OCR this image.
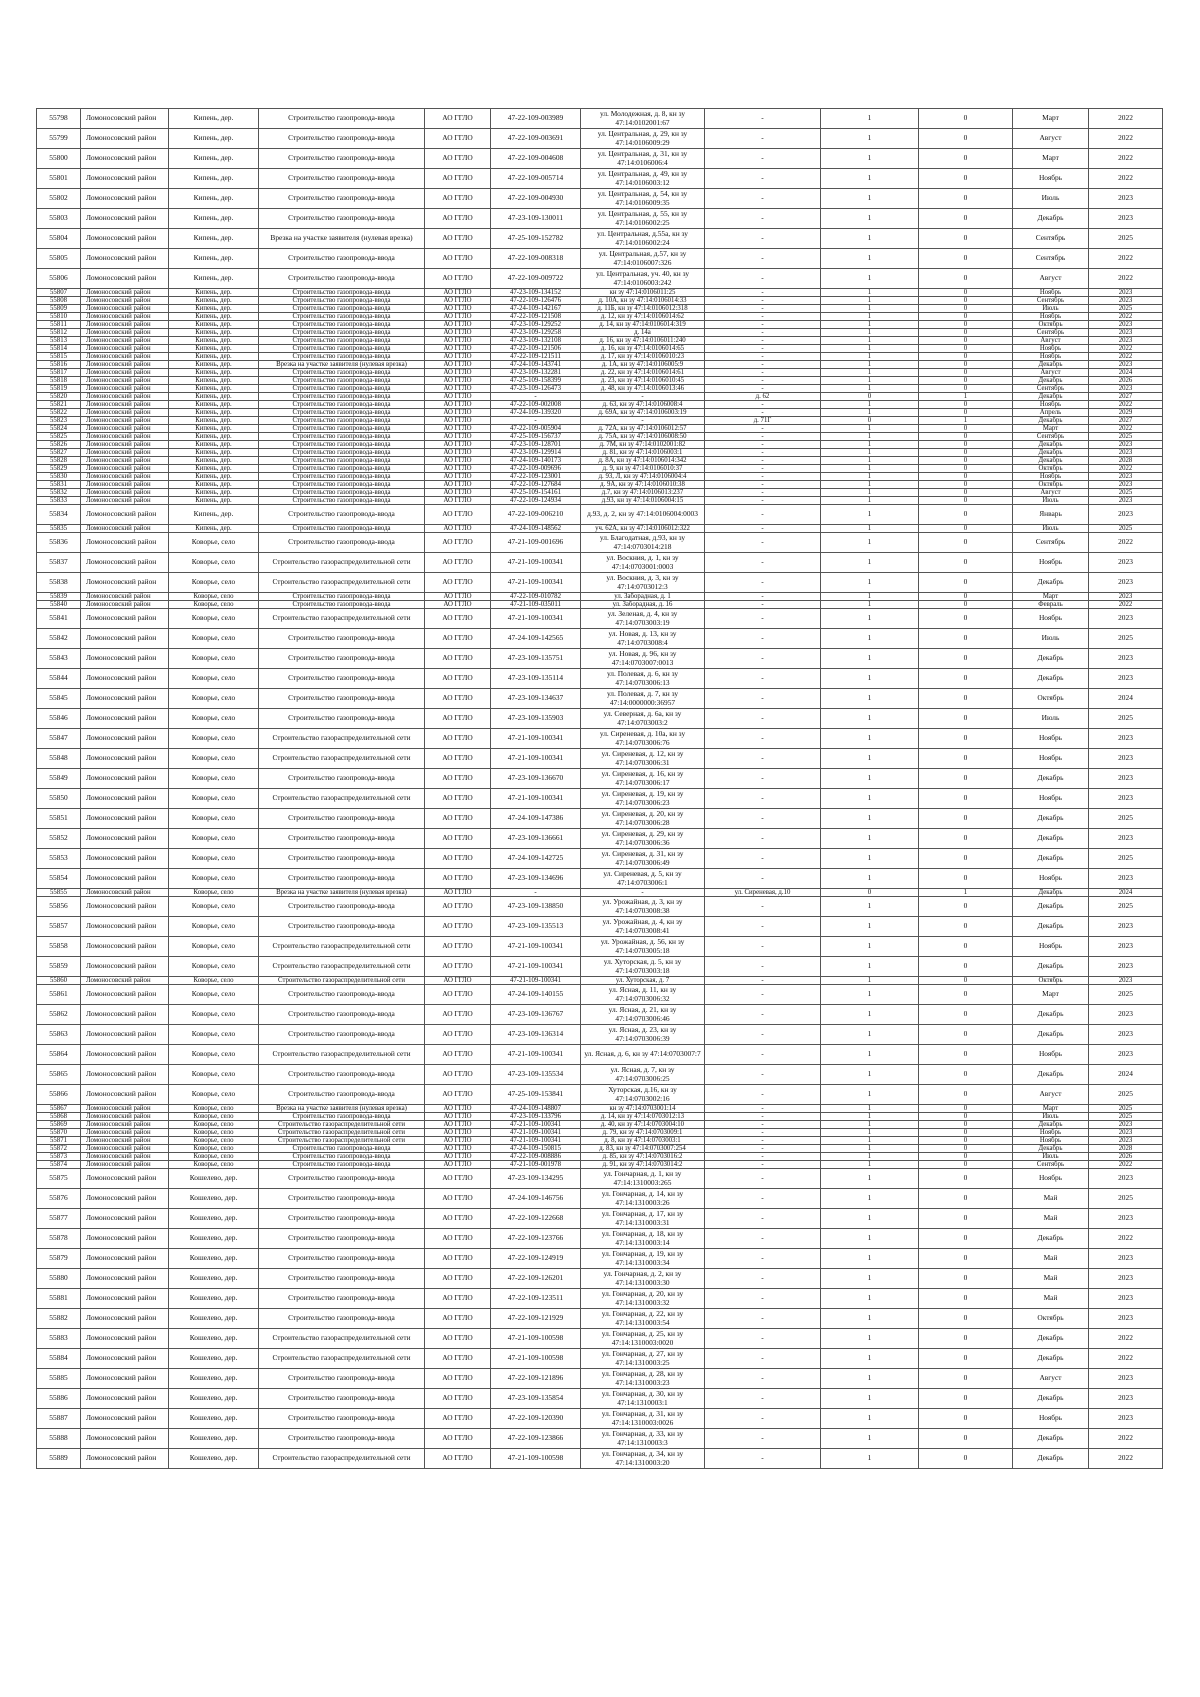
55798	Ломоносовский район	Кипень, дер.	Строительство газопровода-ввода	АО ГГЛО	47-22-109-003989	ул. Молодежная, д. 8, кн зу 47:14:0102001:67	-	1	0	Март	2022
55799	Ломоносовский район	Кипень, дер.	Строительство газопровода-ввода	АО ГГЛО	47-22-109-003691	ул. Центральная, д. 29, кн зу 47:14:0106009:29	-	1	0	Август	2022
55800	Ломоносовский район	Кипень, дер.	Строительство газопровода-ввода	АО ГГЛО	47-22-109-004608	ул. Центральная, д. 31, кн зу 47:14:0106006:4	-	1	0	Март	2022
55801	Ломоносовский район	Кипень, дер.	Строительство газопровода-ввода	АО ГГЛО	47-22-109-005714	ул. Центральная, д. 49, кн зу 47:14:0106003:12	-	1	0	Ноябрь	2022
55802	Ломоносовский район	Кипень, дер.	Строительство газопровода-ввода	АО ГГЛО	47-22-109-004930	ул. Центральная, д. 54, кн зу 47:14:0106009:35	-	1	0	Июль	2023
55803	Ломоносовский район	Кипень, дер.	Строительство газопровода-ввода	АО ГГЛО	47-23-109-130011	ул. Центральная, д. 55, кн зу 47:14:0106002:25	-	1	0	Декабрь	2023
55804	Ломоносовский район	Кипень, дер.	Врезка на участке заявителя (нулевая врезка)	АО ГГЛО	47-25-109-152782	ул. Центральная, д.55а, кн зу 47:14:0106002:24	-	1	0	Сентябрь	2025
55805	Ломоносовский район	Кипень, дер.	Строительство газопровода-ввода	АО ГГЛО	47-22-109-008318	ул. Центральная, д.57, кн зу 47:14:0106007:326	-	1	0	Сентябрь	2022
55806	Ломоносовский район	Кипень, дер.	Строительство газопровода-ввода	АО ГГЛО	47-22-109-009722	ул. Центральная, уч. 40, кн зу 47:14:0106003:242	-	1	0	Август	2022
55807	Ломоносовский район	Кипень, дер.	Строительство газопровода-ввода	АО ГГЛО	47-23-109-134152	кн зу 47:14:0106011:25	-	1	0	Ноябрь	2023
55808	Ломоносовский район	Кипень, дер.	Строительство газопровода-ввода	АО ГГЛО	47-22-109-126476	д. 10А, кн зу 47:14:0106014:33	-	1	0	Сентябрь	2023
55809	Ломоносовский район	Кипень, дер.	Строительство газопровода-ввода	АО ГГЛО	47-24-109-142167	д. 11Б, кн зу 47:14:0106012:318	-	1	0	Июль	2025
55810	Ломоносовский район	Кипень, дер.	Строительство газопровода-ввода	АО ГГЛО	47-22-109-121508	д. 12, кн зу 47:14:0106014:62	-	1	0	Ноябрь	2022
55811	Ломоносовский район	Кипень, дер.	Строительство газопровода-ввода	АО ГГЛО	47-23-109-129252	д. 14, кн зу 47:14:0106014:319	-	1	0	Октябрь	2023
55812	Ломоносовский район	Кипень, дер.	Строительство газопровода-ввода	АО ГГЛО	47-23-109-129258	д. 14а	-	1	0	Сентябрь	2023
55813	Ломоносовский район	Кипень, дер.	Строительство газопровода-ввода	АО ГГЛО	47-23-109-132108	д. 16, кн зу 47:14:0106011:240	-	1	0	Август	2023
55814	Ломоносовский район	Кипень, дер.	Строительство газопровода-ввода	АО ГГЛО	47-22-109-121506	д. 16, кн зу 47:14:0106014:65	-	1	0	Ноябрь	2022
55815	Ломоносовский район	Кипень, дер.	Строительство газопровода-ввода	АО ГГЛО	47-22-109-121511	д. 17, кн зу 47:14:0106010:23	-	1	0	Ноябрь	2022
55816	Ломоносовский район	Кипень, дер.	Врезка на участке заявителя (нулевая врезка)	АО ГГЛО	47-24-109-143741	д. 1А, кн зу 47:14:0106005:9	-	1	0	Декабрь	2023
55817	Ломоносовский район	Кипень, дер.	Строительство газопровода-ввода	АО ГГЛО	47-23-109-132281	д. 22, кн зу 47:14:0106014:61	-	1	0	Август	2024
55818	Ломоносовский район	Кипень, дер.	Строительство газопровода-ввода	АО ГГЛО	47-25-109-158399	д. 23, кн зу 47:14:0106010:45	-	1	0	Декабрь	2026
55819	Ломоносовский район	Кипень, дер.	Строительство газопровода-ввода	АО ГГЛО	47-23-109-126473	д. 48, кн зу 47:14:0106013:46	-	1	0	Сентябрь	2023
55820	Ломоносовский район	Кипень, дер.	Строительство газопровода-ввода	АО ГГЛО	-	-	д. 62	0	1	Декабрь	2027
55821	Ломоносовский район	Кипень, дер.	Строительство газопровода-ввода	АО ГГЛО	47-22-109-002008	д. 63, кн зу 47:14:0106008:4	-	1	0	Ноябрь	2022
55822	Ломоносовский район	Кипень, дер.	Строительство газопровода-ввода	АО ГГЛО	47-24-109-139320	д. 69А, кн зу 47:14:0106003:19	-	1	0	Апрель	2029
55823	Ломоносовский район	Кипень, дер.	Строительство газопровода-ввода	АО ГГЛО	-	-	д. 71Г	0	1	Декабрь	2027
55824	Ломоносовский район	Кипень, дер.	Строительство газопровода-ввода	АО ГГЛО	47-22-109-005904	д. 72А, кн зу 47:14:0106012:57	-	1	0	Март	2022
55825	Ломоносовский район	Кипень, дер.	Строительство газопровода-ввода	АО ГГЛО	47-25-109-156737	д. 75А, кн зу 47:14:0106008:50	-	1	0	Сентябрь	2025
55826	Ломоносовский район	Кипень, дер.	Строительство газопровода-ввода	АО ГГЛО	47-23-109-128701	д. 7М, кн зу 47:14:0102001:82	-	1	0	Декабрь	2023
55827	Ломоносовский район	Кипень, дер.	Строительство газопровода-ввода	АО ГГЛО	47-23-109-129914	д. 81, кн зу 47:14:0106003:1	-	1	0	Декабрь	2023
55828	Ломоносовский район	Кипень, дер.	Строительство газопровода-ввода	АО ГГЛО	47-24-109-140173	д. 8А, кн зу 47:14:0106014:342	-	1	0	Декабрь	2028
55829	Ломоносовский район	Кипень, дер.	Строительство газопровода-ввода	АО ГГЛО	47-22-109-009696	д. 9, кн зу 47:14:0106010:37	-	1	0	Октябрь	2022
55830	Ломоносовский район	Кипень, дер.	Строительство газопровода-ввода	АО ГГЛО	47-22-109-123001	д. 93, Л, кн зу 47:14:0106004:4	-	1	0	Ноябрь	2023
55831	Ломоносовский район	Кипень, дер.	Строительство газопровода-ввода	АО ГГЛО	47-22-109-127684	д. 9А, кн зу 47:14:0106010:38	-	1	0	Октябрь	2023
55832	Ломоносовский район	Кипень, дер.	Строительство газопровода-ввода	АО ГГЛО	47-25-109-154161	д.7, кн зу 47:14:0106013:237	-	1	0	Август	2025
55833	Ломоносовский район	Кипень, дер.	Строительство газопровода-ввода	АО ГГЛО	47-22-109-124934	д.93, кн зу 47:14:0106004:15	-	1	0	Июль	2023
55834	Ломоносовский район	Кипень, дер.	Строительство газопровода-ввода	АО ГГЛО	47-22-109-006210	д.93, д. 2, кн зу 47:14:0106004:0003	-	1	0	Январь	2023
55835	Ломоносовский район	Кипень, дер.	Строительство газопровода-ввода	АО ГГЛО	47-24-109-148562	уч. 62А, кн зу 47:14:0106012:322	-	1	0	Июль	2025
55836	Ломоносовский район	Коворье, село	Строительство газопровода-ввода	АО ГГЛО	47-21-109-001696	ул. Благодатная, д.93, кн зу 47:14:0703014:218	-	1	0	Сентябрь	2022
55837	Ломоносовский район	Коворье, село	Строительство газораспределительной сети	АО ГГЛО	47-21-109-100341	ул. Воскния, д. 1, кн зу 47:14:0703001:0003	-	1	0	Ноябрь	2023
55838	Ломоносовский район	Коворье, село	Строительство газораспределительной сети	АО ГГЛО	47-21-109-100341	ул. Воскния, д. 3, кн зу 47:14:0703012:3	-	1	0	Декабрь	2023
55839	Ломоносовский район	Коворье, село	Строительство газопровода-ввода	АО ГГЛО	47-22-109-010782	ул. Заборадная, д. 1	-	1	0	Март	2023
55840	Ломоносовский район	Коворье, село	Строительство газопровода-ввода	АО ГГЛО	47-21-109-035011	ул. Заборадная, д. 16	-	1	0	Февраль	2022
55841	Ломоносовский район	Коворье, село	Строительство газораспределительной сети	АО ГГЛО	47-21-109-100341	ул. Зеленая, д. 4, кн зу 47:14:0703003:19	-	1	0	Ноябрь	2023
55842	Ломоносовский район	Коворье, село	Строительство газопровода-ввода	АО ГГЛО	47-24-109-142565	ул. Новая, д. 13, кн зу 47:14:0703008:4	-	1	0	Июль	2025
55843	Ломоносовский район	Коворье, село	Строительство газопровода-ввода	АО ГГЛО	47-23-109-135751	ул. Новая, д. 96, кн зу 47:14:0703007:0013	-	1	0	Декабрь	2023
55844	Ломоносовский район	Коворье, село	Строительство газопровода-ввода	АО ГГЛО	47-23-109-135114	ул. Полевая, д. 6, кн зу 47:14:0703006:13	-	1	0	Декабрь	2023
55845	Ломоносовский район	Коворье, село	Строительство газопровода-ввода	АО ГГЛО	47-23-109-134637	ул. Полевая, д. 7, кн зу 47:14:0000000:36957	-	1	0	Октябрь	2024
55846	Ломоносовский район	Коворье, село	Строительство газопровода-ввода	АО ГГЛО	47-23-109-135903	ул. Северная, д. 6а, кн зу 47:14:0703003:2	-	1	0	Июль	2025
55847	Ломоносовский район	Коворье, село	Строительство газораспределительной сети	АО ГГЛО	47-21-109-100341	ул. Сиреневая, д. 10а, кн зу 47:14:0703006:76	-	1	0	Ноябрь	2023
55848	Ломоносовский район	Коворье, село	Строительство газораспределительной сети	АО ГГЛО	47-21-109-100341	ул. Сиреневая, д. 12, кн зу 47:14:0703006:31	-	1	0	Ноябрь	2023
55849	Ломоносовский район	Коворье, село	Строительство газопровода-ввода	АО ГГЛО	47-23-109-136670	ул. Сиреневая, д. 16, кн зу 47:14:0703006:17	-	1	0	Декабрь	2023
55850	Ломоносовский район	Коворье, село	Строительство газораспределительной сети	АО ГГЛО	47-21-109-100341	ул. Сиреневая, д. 19, кн зу 47:14:0703006:23	-	1	0	Ноябрь	2023
55851	Ломоносовский район	Коворье, село	Строительство газопровода-ввода	АО ГГЛО	47-24-109-147386	ул. Сиреневая, д. 20, кн зу 47:14:0703006:28	-	1	0	Декабрь	2025
55852	Ломоносовский район	Коворье, село	Строительство газопровода-ввода	АО ГГЛО	47-23-109-136661	ул. Сиреневая, д. 29, кн зу 47:14:0703006:36	-	1	0	Декабрь	2023
55853	Ломоносовский район	Коворье, село	Строительство газопровода-ввода	АО ГГЛО	47-24-109-142725	ул. Сиреневая, д. 31, кн зу 47:14:0703006:49	-	1	0	Декабрь	2025
55854	Ломоносовский район	Коворье, село	Строительство газопровода-ввода	АО ГГЛО	47-23-109-134696	ул. Сиреневая, д. 5, кн зу 47:14:0703006:1	-	1	0	Ноябрь	2023
55855	Ломоносовский район	Коворье, село	Врезка на участке заявителя (нулевая врезка)	АО ГГЛО	-	-	ул. Сиреневая, д.10	0	1	Декабрь	2024
55856	Ломоносовский район	Коворье, село	Строительство газопровода-ввода	АО ГГЛО	47-23-109-138850	ул. Урожайная, д. 3, кн зу 47:14:0703008:38	-	1	0	Декабрь	2025
55857	Ломоносовский район	Коворье, село	Строительство газопровода-ввода	АО ГГЛО	47-23-109-135513	ул. Урожайная, д. 4, кн зу 47:14:0703008:41	-	1	0	Декабрь	2023
55858	Ломоносовский район	Коворье, село	Строительство газораспределительной сети	АО ГГЛО	47-21-109-100341	ул. Урожайная, д. 56, кн зу 47:14:0703005:18	-	1	0	Ноябрь	2023
55859	Ломоносовский район	Коворье, село	Строительство газораспределительной сети	АО ГГЛО	47-21-109-100341	ул. Хуторская, д. 5, кн зу 47:14:0703003:18	-	1	0	Декабрь	2023
55860	Ломоносовский район	Коворье, село	Строительство газораспределительной сети	АО ГГЛО	47-21-109-100341	ул. Хуторская, д. 7	-	1	0	Октябрь	2023
55861	Ломоносовский район	Коворье, село	Строительство газопровода-ввода	АО ГГЛО	47-24-109-140155	ул. Ясная, д. 11, кн зу 47:14:0703006:32	-	1	0	Март	2025
55862	Ломоносовский район	Коворье, село	Строительство газопровода-ввода	АО ГГЛО	47-23-109-136767	ул. Ясная, д. 21, кн зу 47:14:0703006:46	-	1	0	Декабрь	2023
55863	Ломоносовский район	Коворье, село	Строительство газопровода-ввода	АО ГГЛО	47-23-109-136314	ул. Ясная, д. 23, кн зу 47:14:0703006:39	-	1	0	Декабрь	2023
55864	Ломоносовский район	Коворье, село	Строительство газораспределительной сети	АО ГГЛО	47-21-109-100341	ул. Ясная, д. 6, кн зу 47:14:0703007:7	-	1	0	Ноябрь	2023
55865	Ломоносовский район	Коворье, село	Строительство газопровода-ввода	АО ГГЛО	47-23-109-135534	ул. Ясная, д. 7, кн зу 47:14:0703006:25	-	1	0	Декабрь	2024
55866	Ломоносовский район	Коворье, село	Строительство газопровода-ввода	АО ГГЛО	47-25-109-153841	Хуторская, д.16, кн зу 47:14:0703002:16	-	1	0	Август	2025
55867	Ломоносовский район	Коворье, село	Врезка на участке заявителя (нулевая врезка)	АО ГГЛО	47-24-109-148807	кн зу 47:14:0703001:14	-	1	0	Март	2025
55868	Ломоносовский район	Коворье, село	Строительство газопровода-ввода	АО ГГЛО	47-23-109-133796	д. 14, кн зу 47:14:0703012:13	-	1	0	Июль	2025
55869	Ломоносовский район	Коворье, село	Строительство газораспределительной сети	АО ГГЛО	47-21-109-100341	д. 40, кн зу 47:14:0703004:10	-	1	0	Декабрь	2023
55870	Ломоносовский район	Коворье, село	Строительство газораспределительной сети	АО ГГЛО	47-21-109-100341	д. 79, кн зу 47:14:0703009:1	-	1	0	Ноябрь	2023
55871	Ломоносовский район	Коворье, село	Строительство газораспределительной сети	АО ГГЛО	47-21-109-100341	д. 8, кн зу 47:14:0703003:1	-	1	0	Ноябрь	2023
55872	Ломоносовский район	Коворье, село	Строительство газопровода-ввода	АО ГГЛО	47-24-109-150815	д. 83, кн зу 47:14:0703007:254	-	1	0	Декабрь	2028
55873	Ломоносовский район	Коворье, село	Строительство газопровода-ввода	АО ГГЛО	47-22-109-008886	д. 85, кн зу 47:14:0703016:2	-	1	0	Июль	2026
55874	Ломоносовский район	Коворье, село	Строительство газопровода-ввода	АО ГГЛО	47-21-109-001978	д. 91, кн зу 47:14:0703014:2	-	1	0	Сентябрь	2022
55875	Ломоносовский район	Кошелево, дер.	Строительство газопровода-ввода	АО ГГЛО	47-23-109-134295	ул. Гончарная, д. 1, кн зу 47:14:1310003:265	-	1	0	Ноябрь	2023
55876	Ломоносовский район	Кошелево, дер.	Строительство газопровода-ввода	АО ГГЛО	47-24-109-146756	ул. Гончарная, д. 14, кн зу 47:14:1310003:26	-	1	0	Май	2025
55877	Ломоносовский район	Кошелево, дер.	Строительство газопровода-ввода	АО ГГЛО	47-22-109-122668	ул. Гончарная, д. 17, кн зу 47:14:1310003:31	-	1	0	Май	2023
55878	Ломоносовский район	Кошелево, дер.	Строительство газопровода-ввода	АО ГГЛО	47-22-109-123766	ул. Гончарная, д. 18, кн зу 47:14:1310003:14	-	1	0	Декабрь	2022
55879	Ломоносовский район	Кошелево, дер.	Строительство газопровода-ввода	АО ГГЛО	47-22-109-124919	ул. Гончарная, д. 19, кн зу 47:14:1310003:34	-	1	0	Май	2023
55880	Ломоносовский район	Кошелево, дер.	Строительство газопровода-ввода	АО ГГЛО	47-22-109-126201	ул. Гончарная, д. 2, кн зу 47:14:1310003:30	-	1	0	Май	2023
55881	Ломоносовский район	Кошелево, дер.	Строительство газопровода-ввода	АО ГГЛО	47-22-109-123511	ул. Гончарная, д. 20, кн зу 47:14:1310003:32	-	1	0	Май	2023
55882	Ломоносовский район	Кошелево, дер.	Строительство газопровода-ввода	АО ГГЛО	47-22-109-121929	ул. Гончарная, д. 22, кн зу 47:14:1310003:54	-	1	0	Октябрь	2023
55883	Ломоносовский район	Кошелево, дер.	Строительство газораспределительной сети	АО ГГЛО	47-21-109-100598	ул. Гончарная, д. 25, кн зу 47:14:1310003:0020	-	1	0	Декабрь	2022
55884	Ломоносовский район	Кошелево, дер.	Строительство газораспределительной сети	АО ГГЛО	47-21-109-100598	ул. Гончарная, д. 27, кн зу 47:14:1310003:25	-	1	0	Декабрь	2022
55885	Ломоносовский район	Кошелево, дер.	Строительство газопровода-ввода	АО ГГЛО	47-22-109-121896	ул. Гончарная, д. 28, кн зу 47:14:1310003:23	-	1	0	Август	2023
55886	Ломоносовский район	Кошелево, дер.	Строительство газопровода-ввода	АО ГГЛО	47-23-109-135854	ул. Гончарная, д. 30, кн зу 47:14:1310003:1	-	1	0	Декабрь	2023
55887	Ломоносовский район	Кошелево, дер.	Строительство газопровода-ввода	АО ГГЛО	47-22-109-120390	ул. Гончарная, д. 31, кн зу 47:14:1310003:0026	-	1	0	Ноябрь	2023
55888	Ломоносовский район	Кошелево, дер.	Строительство газопровода-ввода	АО ГГЛО	47-22-109-123866	ул. Гончарная, д. 33, кн зу 47:14:1310003:3	-	1	0	Декабрь	2022
55889	Ломоносовский район	Кошелево, дер.	Строительство газораспределительной сети	АО ГГЛО	47-21-109-100598	ул. Гончарная, д. 34, кн зу 47:14:1310003:20	-	1	0	Декабрь	2022
